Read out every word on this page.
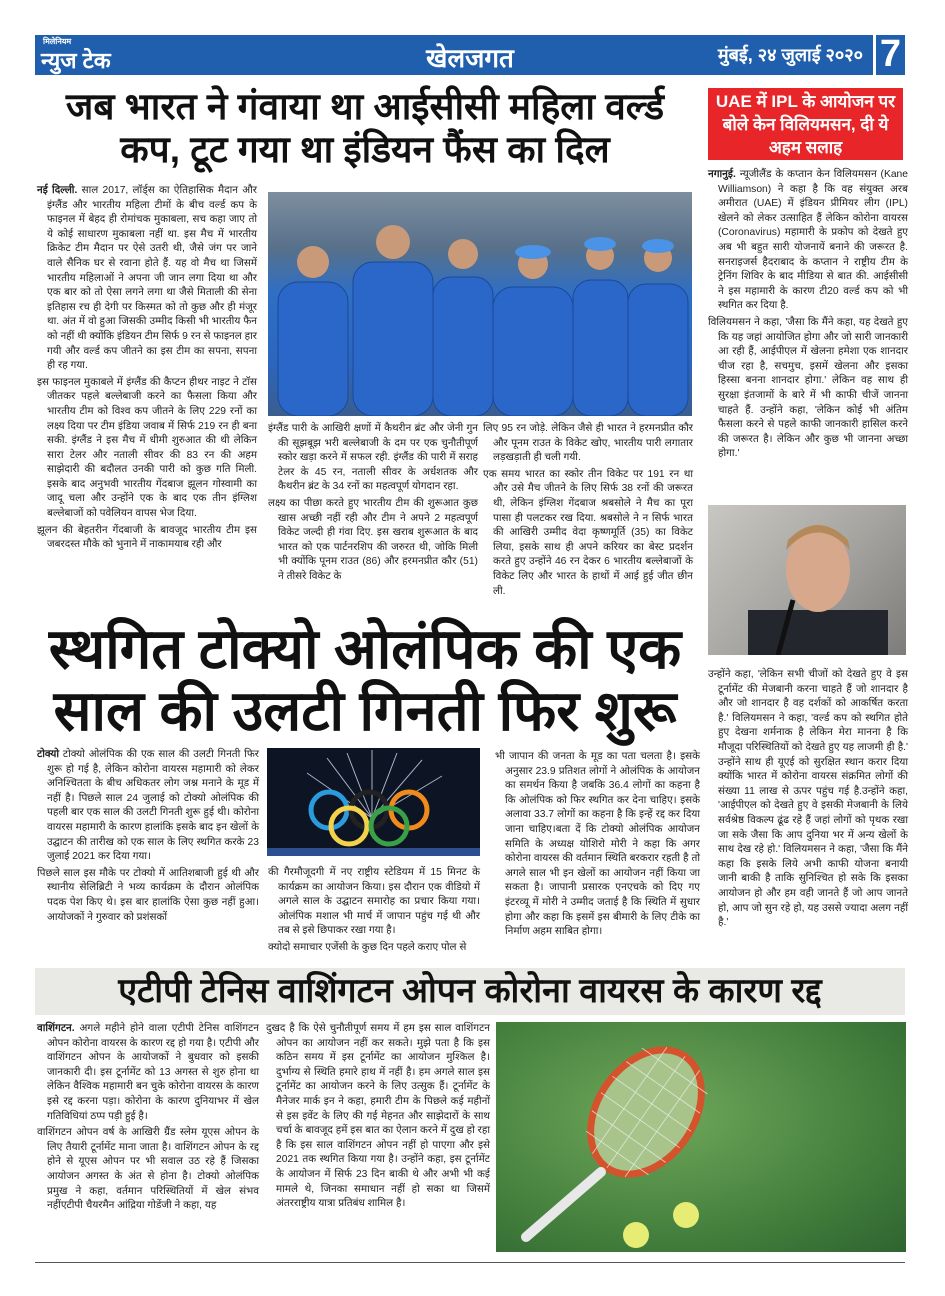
मिलेनियम
न्युज टेक	खेलजगत	मुंबई, २४ जुलाई २०२० 7
जब भारत ने गंवाया था आईसीसी महिला वर्ल्ड कप, टूट गया था इंडियन फैंस का दिल

नई दिल्ली. साल 2017, लॉर्ड्स का ऐतिहासिक मैदान और इंग्लैंड और भारतीय महिला टीमों के बीच वर्ल्ड कप के फाइनल में बेहद ही रोमांचक मुकाबला, सच कहा जाए तो ये कोई साधारण मुकाबला नहीं था. इस मैच में भारतीय क्रिकेट टीम मैदान पर ऐसे उतरी थी, जैसे जंग पर जाने वाले सैनिक घर से रवाना होते हैं. यह वो मैच था जिसमें भारतीय महिलाओं ने अपना जी जान लगा दिया था और एक बार को तो ऐसा लगने लगा था जैसे मिताली की सेना इतिहास रच ही देगी पर किस्मत को तो कुछ और ही मंजूर था. अंत में वो हुआ जिसकी उम्मीद किसी भी भारतीय फैन को नहीं थी क्योंकि इंडियन टीम सिर्फ 9 रन से फाइनल हार गयी और वर्ल्ड कप जीतने का इस टीम का सपना, सपना ही रह गया.

इस फाइनल मुकाबले में इंग्लैंड की कैप्टन हीथर नाइट ने टॉस जीतकर पहले बल्लेबाजी करने का फैसला किया और भारतीय टीम को विश्व कप जीतने के लिए 229 रनों का लक्ष्य दिया पर टीम इंडिया जवाब में सिर्फ 219 रन ही बना सकी. इंग्लैंड ने इस मैच में धीमी शुरुआत की थी लेकिन सारा टेलर और नताली सीवर की 83 रन की अहम साझेदारी की बदौलत उनकी पारी को कुछ गति मिली. इसके बाद अनुभवी भारतीय गेंदबाज झूलन गोस्वामी का जादू चला और उन्होंने एक के बाद एक तीन इंग्लिश बल्लेबाजों को पवेलियन वापस भेज दिया.

झूलन की बेहतरीन गेंदबाजी के बावजूद भारतीय टीम इस जबरदस्त मौके को भुनाने में नाकामयाब रही और

इंग्लैंड पारी के आखिरी क्षणों में कैथरीन ब्रंट और जेनी गुन की सूझबूझ भरी बल्लेबाजी के दम पर एक चुनौतीपूर्ण स्कोर खड़ा करने में सफल रही. इंग्लैंड की पारी में सराह टेलर के 45 रन, नताली सीवर के अर्धशतक और कैथरीन ब्रंट के 34 रनों का महत्वपूर्ण योगदान रहा.

लक्ष्य का पीछा करते हुए भारतीय टीम की शुरूआत कुछ खास अच्छी नहीं रही और टीम ने अपने 2 महत्वपूर्ण विकेट जल्दी ही गंवा दिए. इस खराब शुरूआत के बाद भारत को एक पार्टनरशिप की जरुरत थी, जोकि मिली भी क्योंकि पूनम राउत (86) और हरमनप्रीत कौर (51) ने तीसरे विकेट के

लिए 95 रन जोड़े. लेकिन जैसे ही भारत ने हरमनप्रीत कौर और पूनम राउत के विकेट खोए, भारतीय पारी लगातार लड़खड़ाती ही चली गयी.

एक समय भारत का स्कोर तीन विकेट पर 191 रन था और उसे मैच जीतने के लिए सिर्फ 38 रनों की जरूरत थी, लेकिन इंग्लिश गेंदबाज श्रबसोले ने मैच का पूरा पासा ही पलटकर रख दिया. श्रबसोले ने न सिर्फ भारत की आखिरी उम्मीद वेदा कृष्णमूर्ति (35) का विकेट लिया, इसके साथ ही अपने करियर का बेस्ट प्रदर्शन करते हुए उन्होंने 46 रन देकर 6 भारतीय बल्लेबाजों के विकेट लिए और भारत के हाथों में आई हुई जीत छीन ली.

UAE में IPL के आयोजन पर बोले केन विलियमसन, दी ये अहम सलाह

नगानुई. न्यूजीलैंड के कप्तान केन विलियमसन (Kane Williamson) ने कहा है कि वह संयुक्त अरब अमीरात (UAE) में इंडियन प्रीमियर लीग (IPL) खेलने को लेकर उत्साहित हैं लेकिन कोरोना वायरस (Coronavirus) महामारी के प्रकोप को देखते हुए अब भी बहुत सारी योजनायें बनाने की जरूरत है. सनराइजर्स हैदराबाद के कप्तान ने राष्ट्रीय टीम के ट्रेनिंग शिविर के बाद मीडिया से बात की. आईसीसी ने इस महामारी के कारण टी20 वर्ल्ड कप को भी स्थगित कर दिया है.

विलियमसन ने कहा, 'जैसा कि मैंने कहा, यह देखते हुए कि यह जहां आयोजित होगा और जो सारी जानकारी आ रही हैं, आईपीएल में खेलना हमेशा एक शानदार चीज रहा है, सचमुच, इसमें खेलना और इसका हिस्सा बनना शानदार होगा.' लेकिन वह साथ ही सुरक्षा इंतजामों के बारे में भी काफी चीजें जानना चाहते हैं. उन्होंने कहा, 'लेकिन कोई भी अंतिम फैसला करने से पहले काफी जानकारी हासिल करने की जरूरत है। लेकिन और कुछ भी जानना अच्छा होगा.'

उन्होंने कहा, 'लेकिन सभी चीजों को देखते हुए वे इस टूर्नामेंट की मेजबानी करना चाहते हैं जो शानदार है और जो शानदार है वह दर्शकों को आकर्षित करता है.' विलियमसन ने कहा, 'वर्ल्ड कप को स्थगित होते हुए देखना शर्मनाक है लेकिन मेरा मानना है कि मौजूदा परिस्थितियों को देखते हुए यह लाजमी ही है.' उन्होंने साथ ही यूएई को सुरक्षित स्थान करार दिया क्योंकि भारत में कोरोना वायरस संक्रमित लोगों की संख्या 11 लाख से ऊपर पहुंच गई है.उन्होंने कहा, 'आईपीएल को देखते हुए वे इसकी मेजबानी के लिये सर्वश्रेष्ठ विकल्प ढूंढ रहे हैं जहां लोगों को पृथक रखा जा सके जैसा कि आप दुनिया भर में अन्य खेलों के साथ देख रहे हो.' विलियमसन ने कहा, 'जैसा कि मैंने कहा कि इसके लिये अभी काफी योजना बनायी जानी बाकी है ताकि सुनिश्चित हो सके कि इसका आयोजन हो और हम वही जानते हैं जो आप जानते हो, आप जो सुन रहे हो, यह उससे ज्यादा अलग नहीं है.'

स्थगित टोक्यो ओलंपिक की एक साल की उलटी गिनती फिर शुरू

टोक्यो टोक्यो ओलंपिक की एक साल की उलटी गिनती फिर शुरू हो गई है, लेकिन कोरोना वायरस महामारी को लेकर अनिश्चितता के बीच अधिकतर लोग जश्न मनाने के मूड में नहीं है। पिछले साल 24 जुलाई को टोक्यो ओलंपिक की पहली बार एक साल की उलटी गिनती शुरू हुई थी। कोरोना वायरस महामारी के कारण हालांकि इसके बाद इन खेलों के उद्घाटन की तारीख को एक साल के लिए स्थगित करके 23 जुलाई 2021 कर दिया गया।

पिछले साल इस मौके पर टोक्यो में आतिशबाजी हुई थी और स्थानीय सेलिब्रिटी ने भव्य कार्यक्रम के दौरान ओलंपिक पदक पेश किए थे। इस बार हालांकि ऐसा कुछ नहीं हुआ। आयोजकों ने गुरुवार को प्रशंसकों

की गैरमौजूदगी में नए राष्ट्रीय स्टेडियम में 15 मिनट के कार्यक्रम का आयोजन किया। इस दौरान एक वीडियो में अगले साल के उद्घाटन समारोह का प्रचार किया गया। ओलंपिक मशाल भी मार्च में जापान पहुंच गई थी और तब से इसे छिपाकर रखा गया है।

क्योदो समाचार एजेंसी के कुछ दिन पहले कराए पोल से

भी जापान की जनता के मूड का पता चलता है। इसके अनुसार 23.9 प्रतिशत लोगों ने ओलंपिक के आयोजन का समर्थन किया है जबकि 36.4 लोगों का कहना है कि ओलंपिक को फिर स्थगित कर देना चाहिए। इसके अलावा 33.7 लोगों का कहना है कि इन्हें रद्द कर दिया जाना चाहिए।बता दें कि टोक्यो ओलंपिक आयोजन समिति के अध्यक्ष योशिरो मोरी ने कहा कि अगर कोरोना वायरस की वर्तमान स्थिति बरकरार रहती है तो अगले साल भी इन खेलों का आयोजन नहीं किया जा सकता है। जापानी प्रसारक एनएचके को दिए गए इंटरव्यू में मोरी ने उम्मीद जताई है कि स्थिति में सुधार होगा और कहा कि इसमें इस बीमारी के लिए टीके का निर्माण अहम साबित होगा।

एटीपी टेनिस वाशिंगटन ओपन कोरोना वायरस के कारण रद्द

वाशिंगटन. अगले महीने होने वाला एटीपी टेनिस वाशिंगटन ओपन कोरोना वायरस के कारण रद्द हो गया है। एटीपी और वाशिंगटन ओपन के आयोजकों ने बुधवार को इसकी जानकारी दी। इस टूर्नामेंट को 13 अगस्त से शुरु होना था लेकिन वैश्विक महामारी बन चुके कोरोना वायरस के कारण इसे रद्द करना पड़ा। कोरोना के कारण दुनियाभर में खेल गतिविधियां ठप्प पड़ी हुई है।

वाशिंगटन ओपन वर्ष के आखिरी ग्रैंड स्लेम यूएस ओपन के लिए तैयारी टूर्नामेंट माना जाता है। वाशिंगटन ओपन के रद्द होने से यूएस ओपन पर भी सवाल उठ रहे हैं जिसका आयोजन अगस्त के अंत से होना है। टोक्यो ओलंपिक प्रमुख ने कहा, वर्तमान परिस्थितियों में खेल संभव नहींएटीपी चैयरमैन आंद्रिया गोडेंजी ने कहा, यह

दुखद है कि ऐसे चुनौतीपूर्ण समय में हम इस साल वाशिंगटन ओपन का आयोजन नहीं कर सकते। मुझे पता है कि इस कठिन समय में इस टूर्नामेंट का आयोजन मुश्किल है। दुर्भाग्य से स्थिति हमारे हाथ में नहीं है। हम अगले साल इस टूर्नामेंट का आयोजन करने के लिए उत्सुक हैं। टूर्नामेंट के मैनेजर मार्क इन ने कहा, हमारी टीम के पिछले कई महीनों से इस इवेंट के लिए की गई मेहनत और साझेदारों के साथ चर्चा के बावजूद हमें इस बात का ऐलान करने में दुख हो रहा है कि इस साल वाशिंगटन ओपन नहीं हो पाएगा और इसे 2021 तक स्थगित किया गया है। उन्होंने कहा, इस टूर्नामेंट के आयोजन में सिर्फ 23 दिन बाकी थे और अभी भी कई मामले थे, जिनका समाधान नहीं हो सका था जिसमें अंतरराष्ट्रीय यात्रा प्रतिबंध शामिल है।
